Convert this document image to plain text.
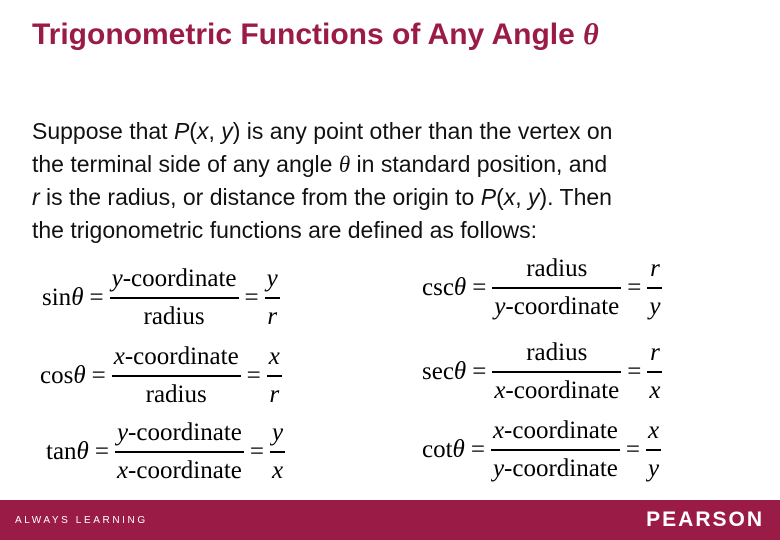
Trigonometric Functions of Any Angle θ
Suppose that P(x, y) is any point other than the vertex on
the terminal side of any angle θ in standard position, and
r is the radius, or distance from the origin to P(x, y). Then
the trigonometric functions are defined as follows:
$\sin\theta = \frac{\text{y-coordinate}}{\text{radius}} = \frac{y}{r}$
$\cos\theta = \frac{\text{x-coordinate}}{\text{radius}} = \frac{x}{r}$
$\tan\theta = \frac{\text{y-coordinate}}{\text{x-coordinate}} = \frac{y}{x}$
$\csc\theta = \frac{\text{radius}}{\text{y-coordinate}} = \frac{r}{y}$
$\sec\theta = \frac{\text{radius}}{\text{x-coordinate}} = \frac{r}{x}$
$\cot\theta = \frac{\text{x-coordinate}}{\text{y-coordinate}} = \frac{x}{y}$
ALWAYS LEARNING	PEARSON
